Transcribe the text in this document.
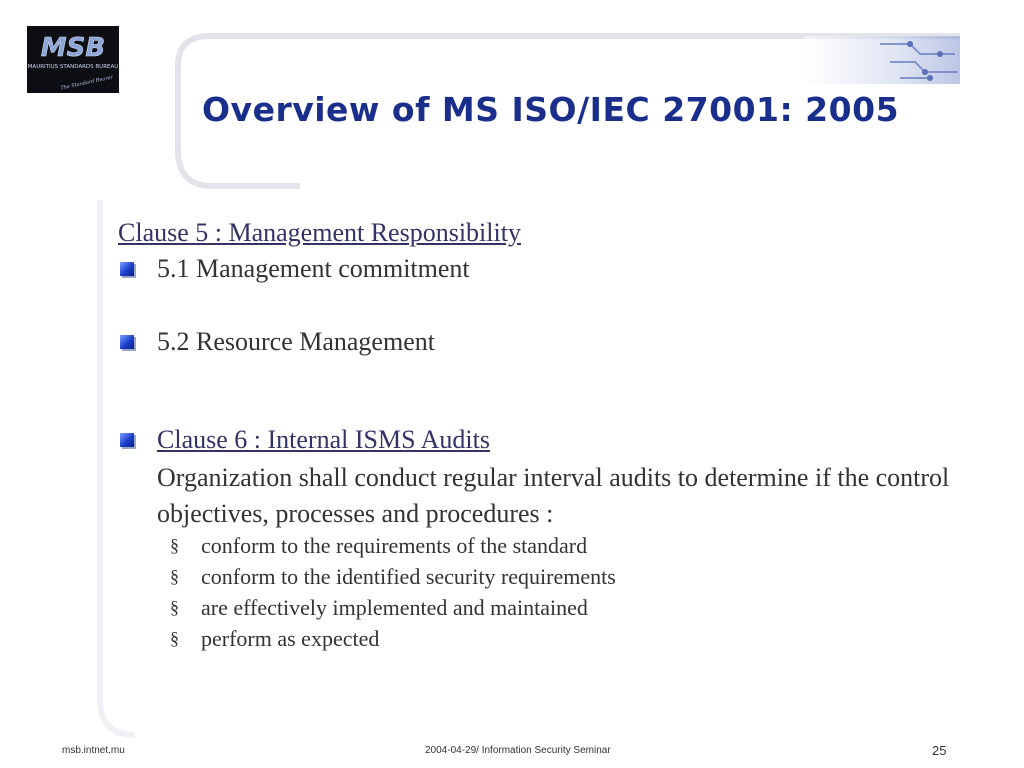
MSB
MAURITIUS STANDARDS BUREAU
The Standard Bearer
Overview of MS ISO/IEC 27001: 2005

Clause 5 : Management Responsibility

5.1 Management commitment

5.2 Resource Management

Clause 6 : Internal ISMS Audits

Organization shall conduct regular interval audits to determine if the control objectives, processes and procedures :

§	conform to the requirements of the standard
§	conform to the identified security requirements
§	are effectively implemented and maintained
§	perform as expected

msb.intnet.mu	2004-04-29/ Information Security Seminar	25
